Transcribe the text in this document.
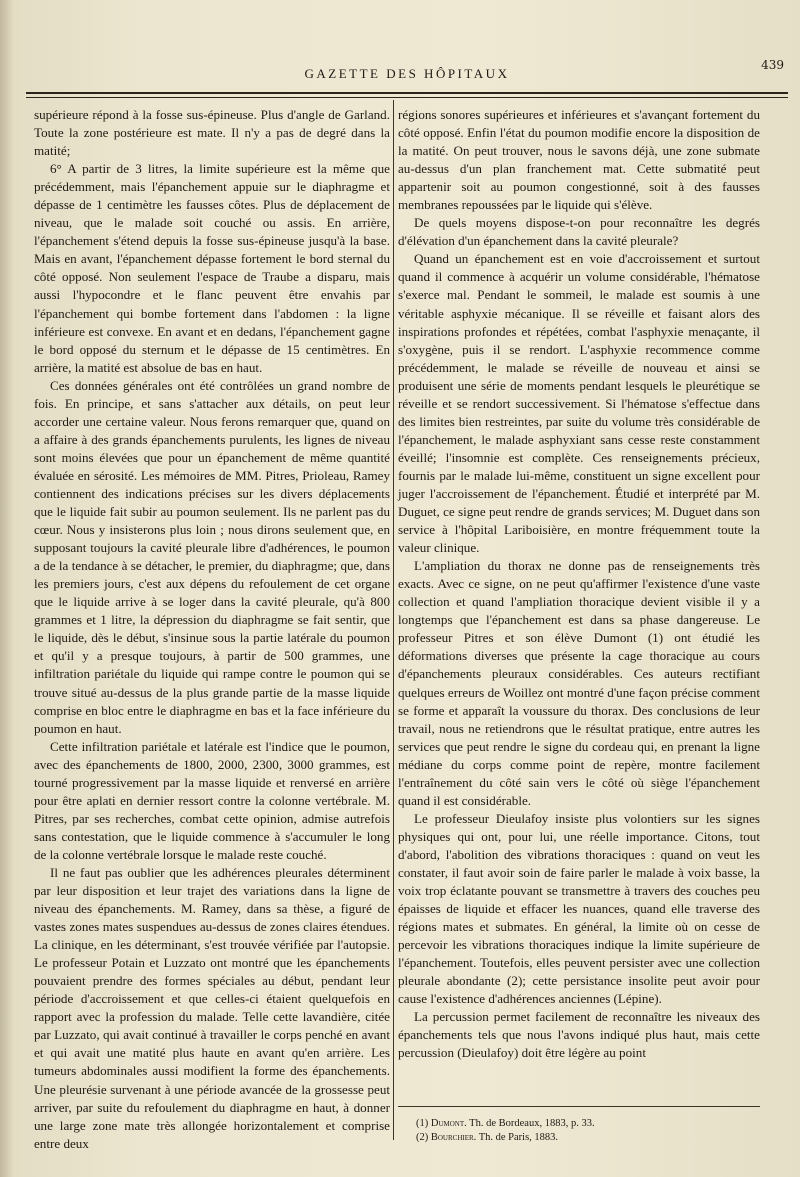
GAZETTE DES HÔPITAUX
439

supérieure répond à la fosse sus-épineuse. Plus d'angle de Garland. Toute la zone postérieure est mate. Il n'y a pas de degré dans la matité;

6° A partir de 3 litres, la limite supérieure est la même que précédemment, mais l'épanchement appuie sur le diaphragme et dépasse de 1 centimètre les fausses côtes. Plus de déplacement de niveau, que le malade soit couché ou assis. En arrière, l'épanchement s'étend depuis la fosse sus-épineuse jusqu'à la base. Mais en avant, l'épanchement dépasse fortement le bord sternal du côté opposé. Non seulement l'espace de Traube a disparu, mais aussi l'hypocondre et le flanc peuvent être envahis par l'épanchement qui bombe fortement dans l'abdomen : la ligne inférieure est convexe. En avant et en dedans, l'épanchement gagne le bord opposé du sternum et le dépasse de 15 centimètres. En arrière, la matité est absolue de bas en haut.

Ces données générales ont été contrôlées un grand nombre de fois. En principe, et sans s'attacher aux détails, on peut leur accorder une certaine valeur. Nous ferons remarquer que, quand on a affaire à des grands épanchements purulents, les lignes de niveau sont moins élevées que pour un épanchement de même quantité évaluée en sérosité. Les mémoires de MM. Pitres, Prioleau, Ramey contiennent des indications précises sur les divers déplacements que le liquide fait subir au poumon seulement. Ils ne parlent pas du cœur. Nous y insisterons plus loin ; nous dirons seulement que, en supposant toujours la cavité pleurale libre d'adhérences, le poumon a de la tendance à se détacher, le premier, du diaphragme; que, dans les premiers jours, c'est aux dépens du refoulement de cet organe que le liquide arrive à se loger dans la cavité pleurale, qu'à 800 grammes et 1 litre, la dépression du diaphragme se fait sentir, que le liquide, dès le début, s'insinue sous la partie latérale du poumon et qu'il y a presque toujours, à partir de 500 grammes, une infiltration pariétale du liquide qui rampe contre le poumon qui se trouve situé au-dessus de la plus grande partie de la masse liquide comprise en bloc entre le diaphragme en bas et la face inférieure du poumon en haut.

Cette infiltration pariétale et latérale est l'indice que le poumon, avec des épanchements de 1800, 2000, 2300, 3000 grammes, est tourné progressivement par la masse liquide et renversé en arrière pour être aplati en dernier ressort contre la colonne vertébrale. M. Pitres, par ses recherches, combat cette opinion, admise autrefois sans contestation, que le liquide commence à s'accumuler le long de la colonne vertébrale lorsque le malade reste couché.

Il ne faut pas oublier que les adhérences pleurales déterminent par leur disposition et leur trajet des variations dans la ligne de niveau des épanchements. M. Ramey, dans sa thèse, a figuré de vastes zones mates suspendues au-dessus de zones claires étendues. La clinique, en les déterminant, s'est trouvée vérifiée par l'autopsie. Le professeur Potain et Luzzato ont montré que les épanchements pouvaient prendre des formes spéciales au début, pendant leur période d'accroissement et que celles-ci étaient quelquefois en rapport avec la profession du malade. Telle cette lavandière, citée par Luzzato, qui avait continué à travailler le corps penché en avant et qui avait une matité plus haute en avant qu'en arrière. Les tumeurs abdominales aussi modifient la forme des épanchements. Une pleurésie survenant à une période avancée de la grossesse peut arriver, par suite du refoulement du diaphragme en haut, à donner une large zone mate très allongée horizontalement et comprise entre deux

régions sonores supérieures et inférieures et s'avançant fortement du côté opposé. Enfin l'état du poumon modifie encore la disposition de la matité. On peut trouver, nous le savons déjà, une zone submate au-dessus d'un plan franchement mat. Cette submatité peut appartenir soit au poumon congestionné, soit à des fausses membranes repoussées par le liquide qui s'élève.

De quels moyens dispose-t-on pour reconnaître les degrés d'élévation d'un épanchement dans la cavité pleurale?

Quand un épanchement est en voie d'accroissement et surtout quand il commence à acquérir un volume considérable, l'hématose s'exerce mal. Pendant le sommeil, le malade est soumis à une véritable asphyxie mécanique. Il se réveille et faisant alors des inspirations profondes et répétées, combat l'asphyxie menaçante, il s'oxygène, puis il se rendort. L'asphyxie recommence comme précédemment, le malade se réveille de nouveau et ainsi se produisent une série de moments pendant lesquels le pleurétique se réveille et se rendort successivement. Si l'hématose s'effectue dans des limites bien restreintes, par suite du volume très considérable de l'épanchement, le malade asphyxiant sans cesse reste constamment éveillé; l'insomnie est complète. Ces renseignements précieux, fournis par le malade lui-même, constituent un signe excellent pour juger l'accroissement de l'épanchement. Étudié et interprété par M. Duguet, ce signe peut rendre de grands services; M. Duguet dans son service à l'hôpital Lariboisière, en montre fréquemment toute la valeur clinique.

L'ampliation du thorax ne donne pas de renseignements très exacts. Avec ce signe, on ne peut qu'affirmer l'existence d'une vaste collection et quand l'ampliation thoracique devient visible il y a longtemps que l'épanchement est dans sa phase dangereuse. Le professeur Pitres et son élève Dumont (1) ont étudié les déformations diverses que présente la cage thoracique au cours d'épanchements pleuraux considérables. Ces auteurs rectifiant quelques erreurs de Woillez ont montré d'une façon précise comment se forme et apparaît la voussure du thorax. Des conclusions de leur travail, nous ne retiendrons que le résultat pratique, entre autres les services que peut rendre le signe du cordeau qui, en prenant la ligne médiane du corps comme point de repère, montre facilement l'entraînement du côté sain vers le côté où siège l'épanchement quand il est considérable.

Le professeur Dieulafoy insiste plus volontiers sur les signes physiques qui ont, pour lui, une réelle importance. Citons, tout d'abord, l'abolition des vibrations thoraciques : quand on veut les constater, il faut avoir soin de faire parler le malade à voix basse, la voix trop éclatante pouvant se transmettre à travers des couches peu épaisses de liquide et effacer les nuances, quand elle traverse des régions mates et submates. En général, la limite où on cesse de percevoir les vibrations thoraciques indique la limite supérieure de l'épanchement. Toutefois, elles peuvent persister avec une collection pleurale abondante (2); cette persistance insolite peut avoir pour cause l'existence d'adhérences anciennes (Lépine).

La percussion permet facilement de reconnaître les niveaux des épanchements tels que nous l'avons indiqué plus haut, mais cette percussion (Dieulafoy) doit être légère au point

(1) Dumont. Th. de Bordeaux, 1883, p. 33.
(2) Bourchier. Th. de Paris, 1883.
